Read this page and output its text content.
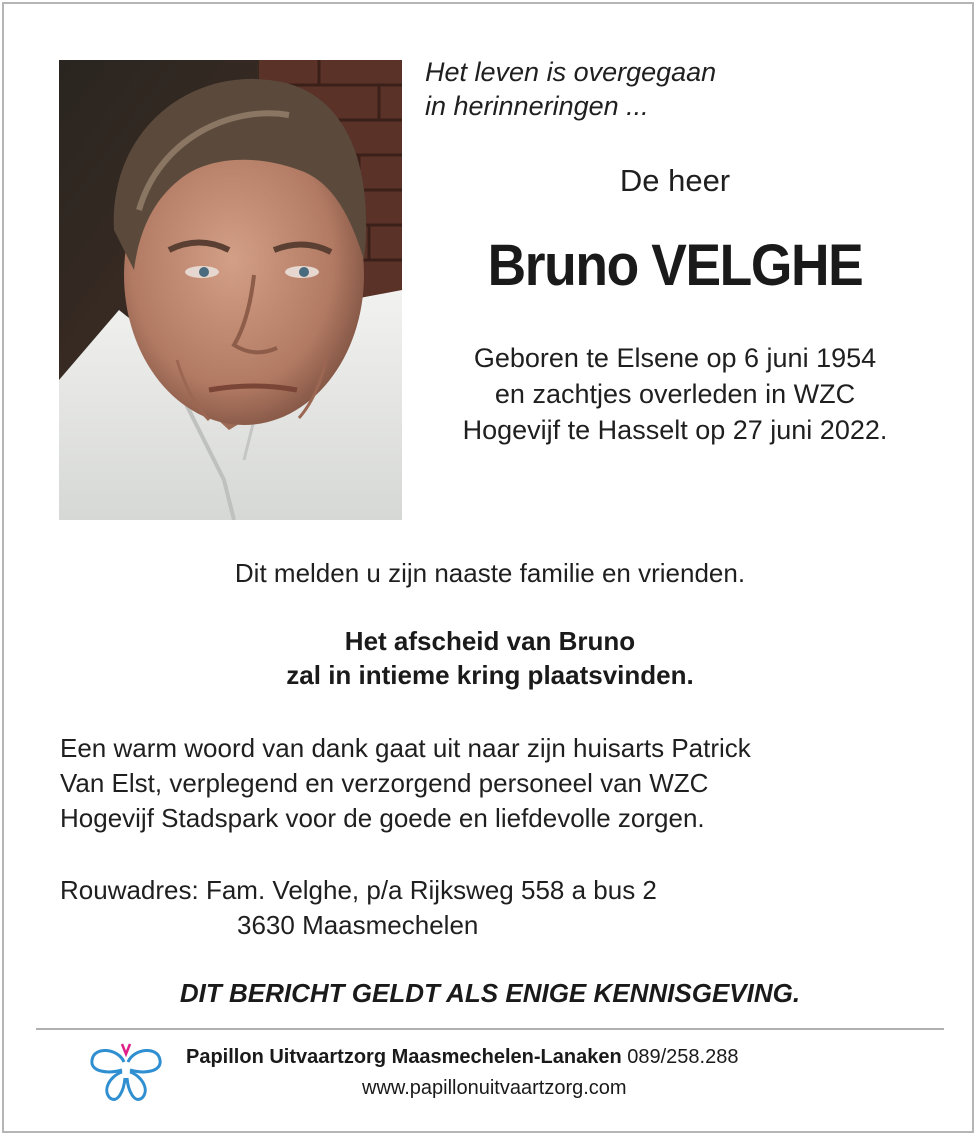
Het leven is overgegaan
in herinneringen ...
De heer
Bruno VELGHE
Geboren te Elsene op 6 juni 1954
en zachtjes overleden in WZC
Hogevijf te Hasselt op 27 juni 2022.
Dit melden u zijn naaste familie en vrienden.
Het afscheid van Bruno
zal in intieme kring plaatsvinden.
Een warm woord van dank gaat uit naar zijn huisarts Patrick
Van Elst, verplegend en verzorgend personeel van WZC
Hogevijf Stadspark voor de goede en liefdevolle zorgen.
Rouwadres: Fam. Velghe, p/a Rijksweg 558 a bus 2
3630 Maasmechelen
DIT BERICHT GELDT ALS ENIGE KENNISGEVING.
Papillon Uitvaartzorg Maasmechelen-Lanaken 089/258.288
www.papillonuitvaartzorg.com
